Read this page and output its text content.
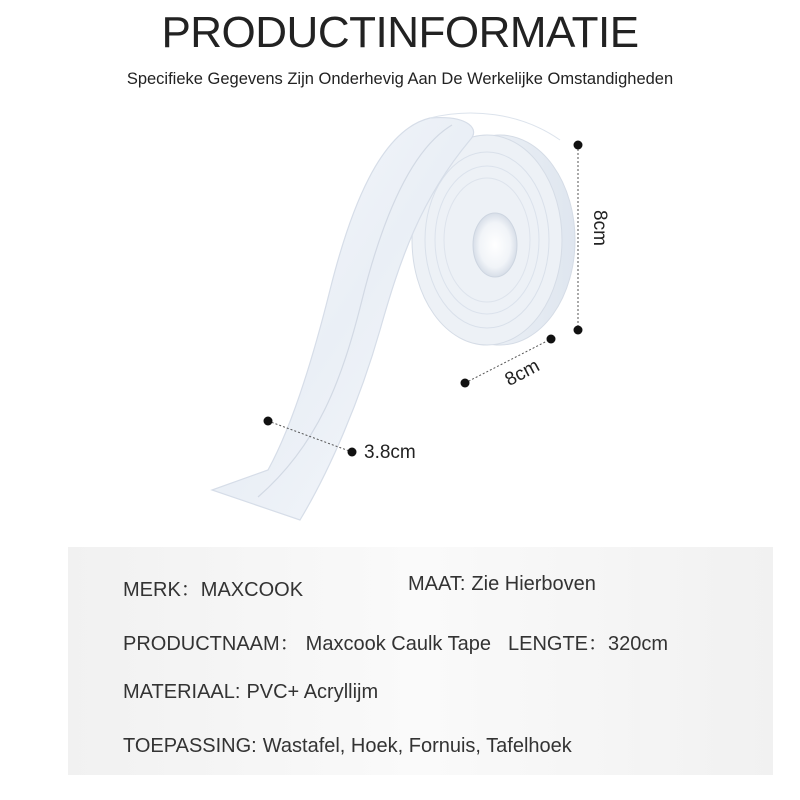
PRODUCTINFORMATIE
Specifieke Gegevens Zijn Onderhevig Aan De Werkelijke Omstandigheden
8cm
8cm
3.8cm
MERK：MAXCOOK	MAAT: Zie Hierboven
PRODUCTNAAM： Maxcook Caulk Tape LENGTE：320cm
MATERIAAL: PVC+ Acryllijm
TOEPASSING: Wastafel, Hoek, Fornuis, Tafelhoek
